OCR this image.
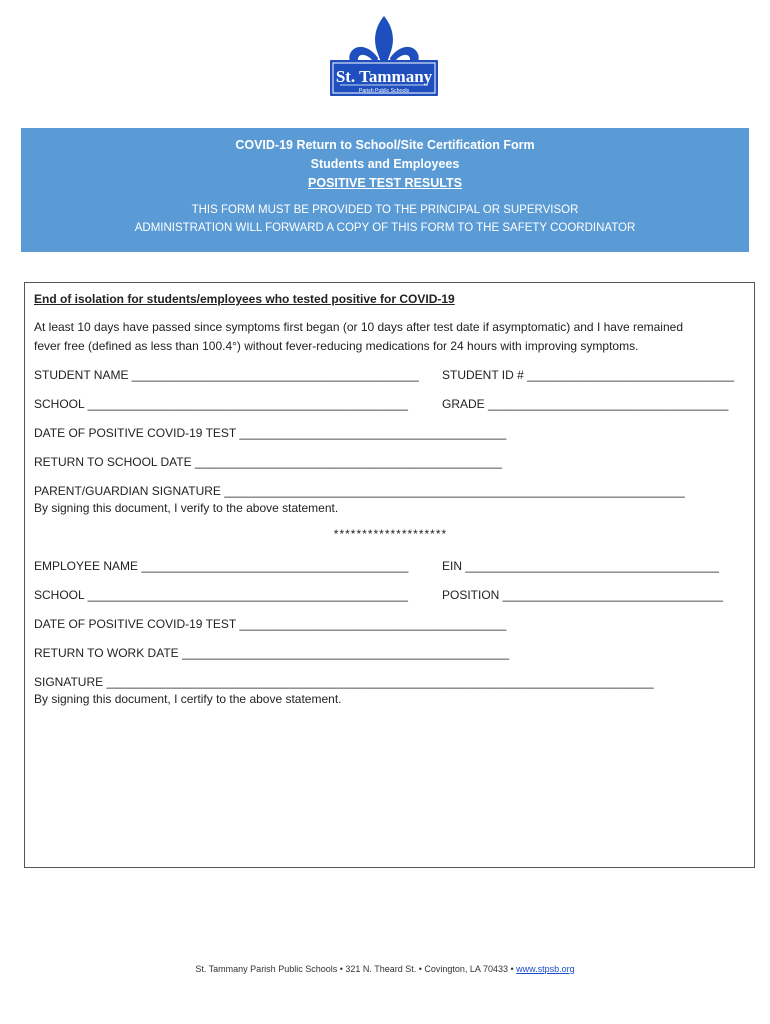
St. Tammany
Parish Public Schools
COVID-19 Return to School/Site Certification Form
Students and Employees
POSITIVE TEST RESULTS
THIS FORM MUST BE PROVIDED TO THE PRINCIPAL OR SUPERVISOR
ADMINISTRATION WILL FORWARD A COPY OF THIS FORM TO THE SAFETY COORDINATOR
End of isolation for students/employees who tested positive for COVID-19
At least 10 days have passed since symptoms first began (or 10 days after test date if asymptomatic) and I have remained
fever free (defined as less than 100.4°) without fever-reducing medications for 24 hours with improving symptoms.
STUDENT NAME ___________________________________________ STUDENT ID # _______________________________
SCHOOL ________________________________________________	GRADE ____________________________________
DATE OF POSITIVE COVID-19 TEST ________________________________________
RETURN TO SCHOOL DATE ______________________________________________
PARENT/GUARDIAN SIGNATURE _____________________________________________________________________
By signing this document, I verify to the above statement.
********************
EMPLOYEE NAME ________________________________________	EIN ______________________________________
SCHOOL ________________________________________________	POSITION _________________________________
DATE OF POSITIVE COVID-19 TEST ________________________________________
RETURN TO WORK DATE _________________________________________________
SIGNATURE __________________________________________________________________________________
By signing this document, I certify to the above statement.
St. Tammany Parish Public Schools • 321 N. Theard St. • Covington, LA 70433 • www.stpsb.org
